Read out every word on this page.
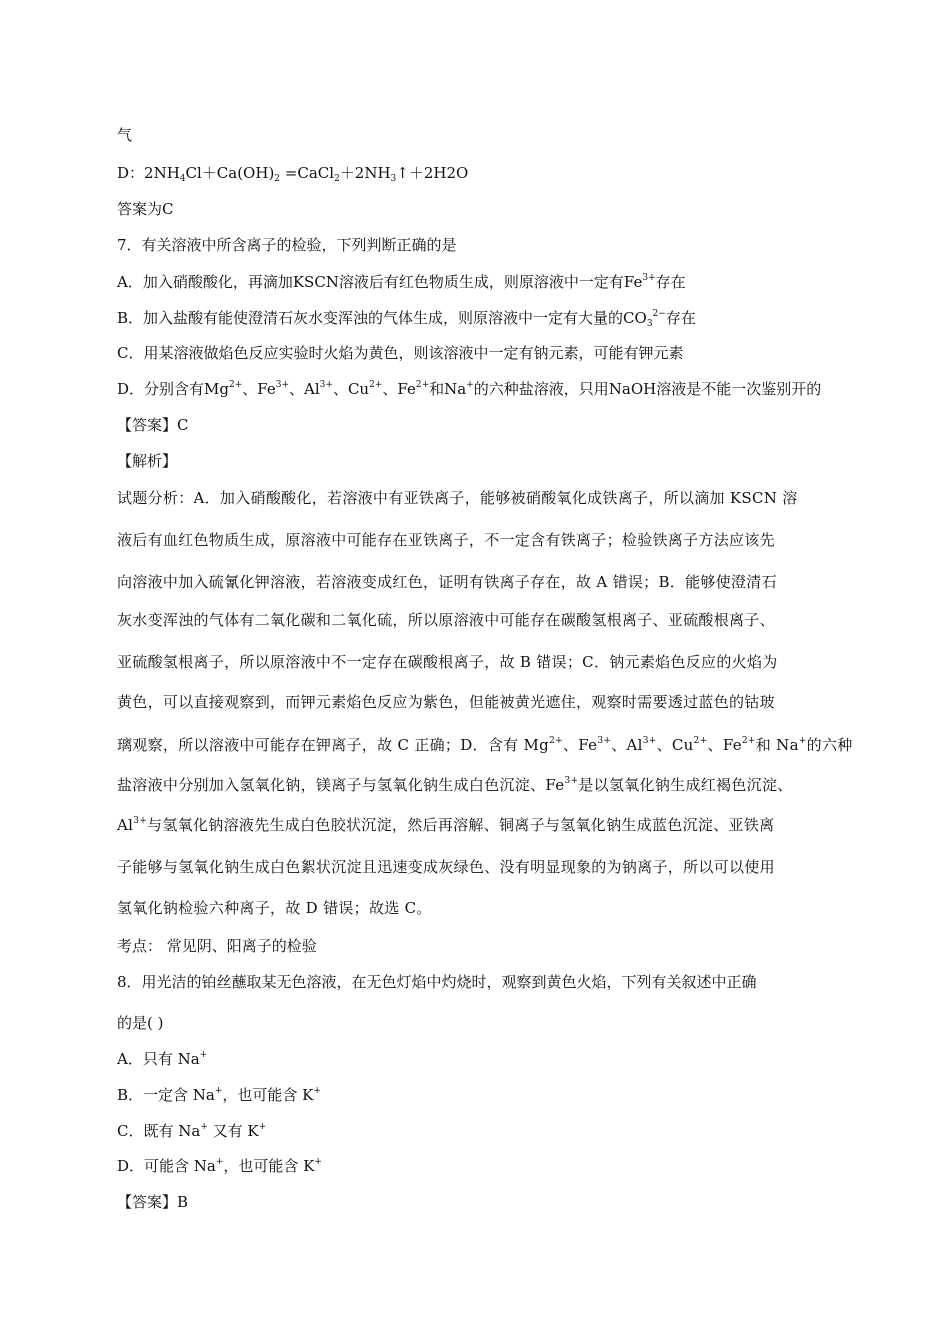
气
D：$2NH_4Cl+Ca(OH)_2$ $=CaCl_2+2NH_3↑+2H2O$
答案为C
7．有关溶液中所含离子的检验，下列判断正确的是
A．加入硝酸酸化，再滴加KSCN溶液后有红色物质生成，则原溶液中一定有$Fe^{3+}$存在
B．加入盐酸有能使澄清石灰水变浑浊的气体生成，则原溶液中一定有大量的$CO_3^{2-}$存在
C．用某溶液做焰色反应实验时火焰为黄色，则该溶液中一定有钠元素，可能有钾元素
D．分别含有$Mg^{2+}$、$Fe^{3+}$、$Al^{3+}$、$Cu^{2+}$、$Fe^{2+}$和Na+的六种盐溶液，只用NaOH溶液是不能一次鉴别开的
【答案】C
【解析】
试题分析：A．加入硝酸酸化，若溶液中有亚铁离子，能够被硝酸氧化成铁离子，所以滴加 KSCN 溶
液后有血红色物质生成，原溶液中可能存在亚铁离子，不一定含有铁离子；检验铁离子方法应该先
向溶液中加入硫氰化钾溶液，若溶液变成红色，证明有铁离子存在，故 A 错误；B．能够使澄清石
灰水变浑浊的气体有二氧化碳和二氧化硫，所以原溶液中可能存在碳酸氢根离子、亚硫酸根离子、
亚硫酸氢根离子，所以原溶液中不一定存在碳酸根离子，故 B 错误；C．钠元素焰色反应的火焰为
黄色，可以直接观察到，而钾元素焰色反应为紫色，但能被黄光遮住，观察时需要透过蓝色的钴玻
璃观察，所以溶液中可能存在钾离子，故 C 正确；D．含有 $Mg^{2+}$、$Fe^{3+}$、$Al^{3+}$、$Cu^{2+}$、$Fe^{2+}$和 Na+的六种
盐溶液中分别加入氢氧化钠，镁离子与氢氧化钠生成白色沉淀、$Fe^{3+}$是以氢氧化钠生成红褐色沉淀、
$Al^{3+}$与氢氧化钠溶液先生成白色胶状沉淀，然后再溶解、铜离子与氢氧化钠生成蓝色沉淀、亚铁离
子能够与氢氧化钠生成白色絮状沉淀且迅速变成灰绿色、没有明显现象的为钠离子，所以可以使用
氢氧化钠检验六种离子，故 D 错误；故选 C。
考点： 常见阴、阳离子的检验
8．用光洁的铂丝蘸取某无色溶液，在无色灯焰中灼烧时，观察到黄色火焰，下列有关叙述中正确
的是( )
A．只有 Na+
B．一定含 Na+，也可能含 K+
C．既有 Na+ 又有 K+
D．可能含 Na+，也可能含 K+
【答案】B
